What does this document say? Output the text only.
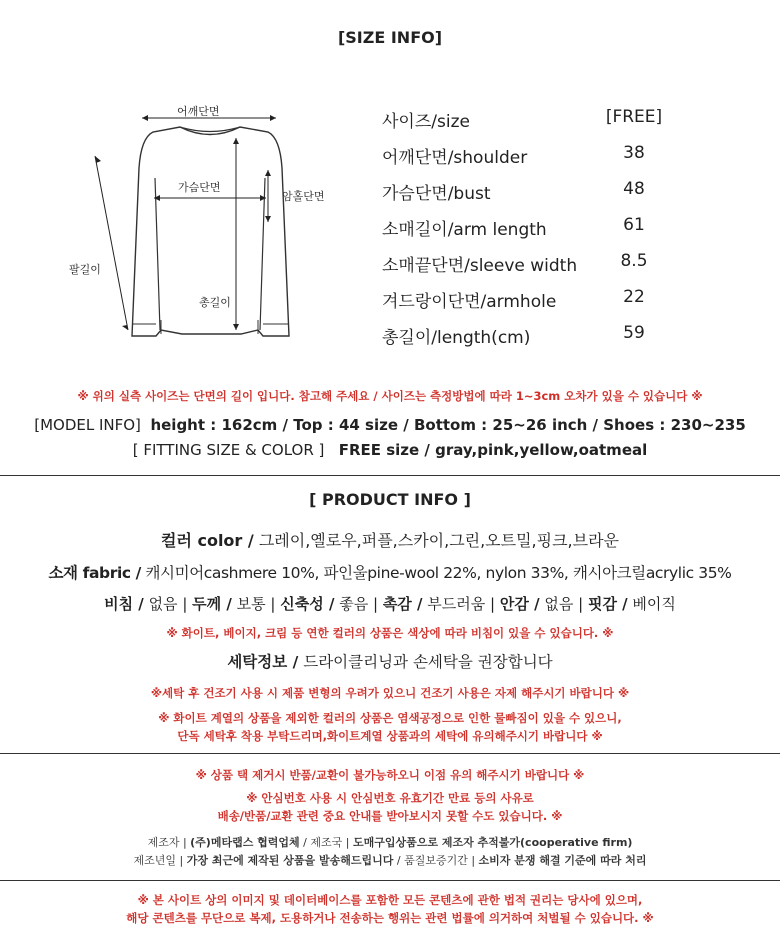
[SIZE INFO]
어깨단면
가슴단면
암홀단면
팔길이
총길이
사이즈/size	[FREE]
어깨단면/shoulder	38
가슴단면/bust	48
소매길이/arm length	61
소매끝단면/sleeve width	8.5
겨드랑이단면/armhole	22
총길이/length(cm)	59
※ 위의 실측 사이즈는 단면의 길이 입니다. 참고해 주세요 / 사이즈는 측정방법에 따라 1~3cm 오차가 있을 수 있습니다 ※
[MODEL INFO] height : 162cm / Top : 44 size / Bottom : 25~26 inch / Shoes : 230~235
[ FITTING SIZE & COLOR ] FREE size / gray,pink,yellow,oatmeal
[ PRODUCT INFO ]
컬러 color / 그레이,옐로우,퍼플,스카이,그린,오트밀,핑크,브라운
소재 fabric / 캐시미어cashmere 10%, 파인울pine-wool 22%, nylon 33%, 캐시아크릴acrylic 35%
비침 / 없음 | 두께 / 보통 | 신축성 / 좋음 | 촉감 / 부드러움 | 안감 / 없음 | 핏감 / 베이직
※ 화이트, 베이지, 크림 등 연한 컬러의 상품은 색상에 따라 비침이 있을 수 있습니다. ※
세탁정보 / 드라이클리닝과 손세탁을 권장합니다
※세탁 후 건조기 사용 시 제품 변형의 우려가 있으니 건조기 사용은 자제 해주시기 바랍니다 ※
※ 화이트 계열의 상품을 제외한 컬러의 상품은 염색공정으로 인한 물빠짐이 있을 수 있으니,
단독 세탁후 착용 부탁드리며,화이트계열 상품과의 세탁에 유의해주시기 바랍니다 ※
※ 상품 택 제거시 반품/교환이 불가능하오니 이점 유의 해주시기 바랍니다 ※
※ 안심번호 사용 시 안심번호 유효기간 만료 등의 사유로
배송/반품/교환 관련 중요 안내를 받아보시지 못할 수도 있습니다. ※
제조자 | (주)메타랩스 협력업체 / 제조국 | 도매구입상품으로 제조자 추적불가(cooperative firm)
제조년일 | 가장 최근에 제작된 상품을 발송해드립니다 / 품질보증기간 | 소비자 분쟁 해결 기준에 따라 처리
※ 본 사이트 상의 이미지 및 데이터베이스를 포함한 모든 콘텐츠에 관한 법적 권리는 당사에 있으며,
해당 콘텐츠를 무단으로 복제, 도용하거나 전송하는 행위는 관련 법률에 의거하여 처벌될 수 있습니다. ※
